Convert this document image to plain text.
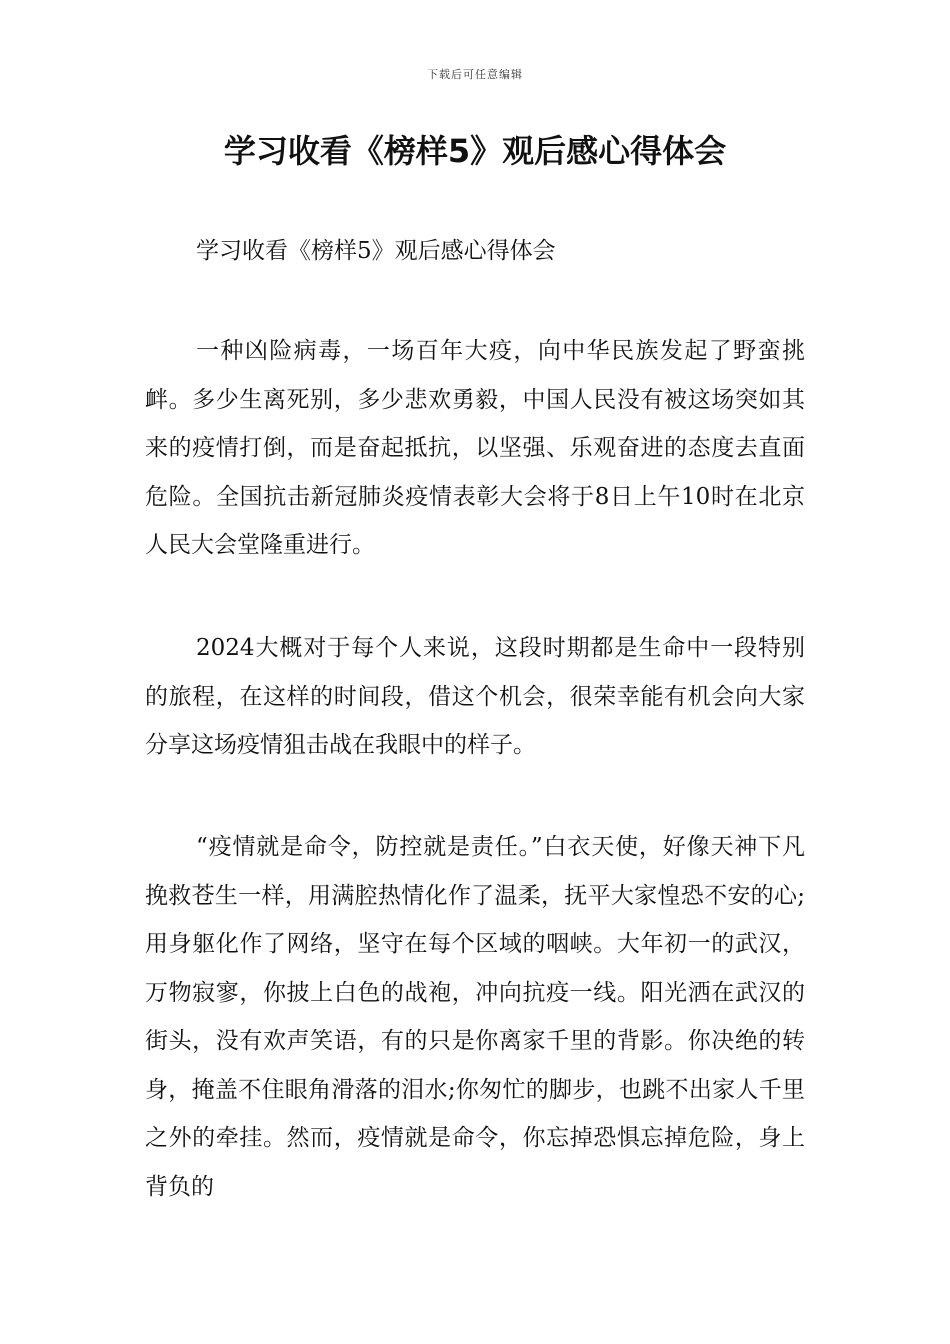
下载后可任意编辑
学习收看《榜样5》观后感心得体会

学习收看《榜样5》观后感心得体会

一种凶险病毒，一场百年大疫，向中华民族发起了野蛮挑衅。多少生离死别，多少悲欢勇毅，中国人民没有被这场突如其来的疫情打倒，而是奋起抵抗，以坚强、乐观奋进的态度去直面危险。全国抗击新冠肺炎疫情表彰大会将于8日上午10时在北京人民大会堂隆重进行。

2024大概对于每个人来说，这段时期都是生命中一段特别的旅程，在这样的时间段，借这个机会，很荣幸能有机会向大家分享这场疫情狙击战在我眼中的样子。

“疫情就是命令，防控就是责任。”白衣天使，好像天神下凡挽救苍生一样，用满腔热情化作了温柔，抚平大家惶恐不安的心;用身躯化作了网络，坚守在每个区域的咽峡。大年初一的武汉，万物寂寥，你披上白色的战袍，冲向抗疫一线。阳光洒在武汉的街头，没有欢声笑语，有的只是你离家千里的背影。你决绝的转身，掩盖不住眼角滑落的泪水;你匆忙的脚步，也跳不出家人千里之外的牵挂。然而，疫情就是命令，你忘掉恐惧忘掉危险，身上背负的
